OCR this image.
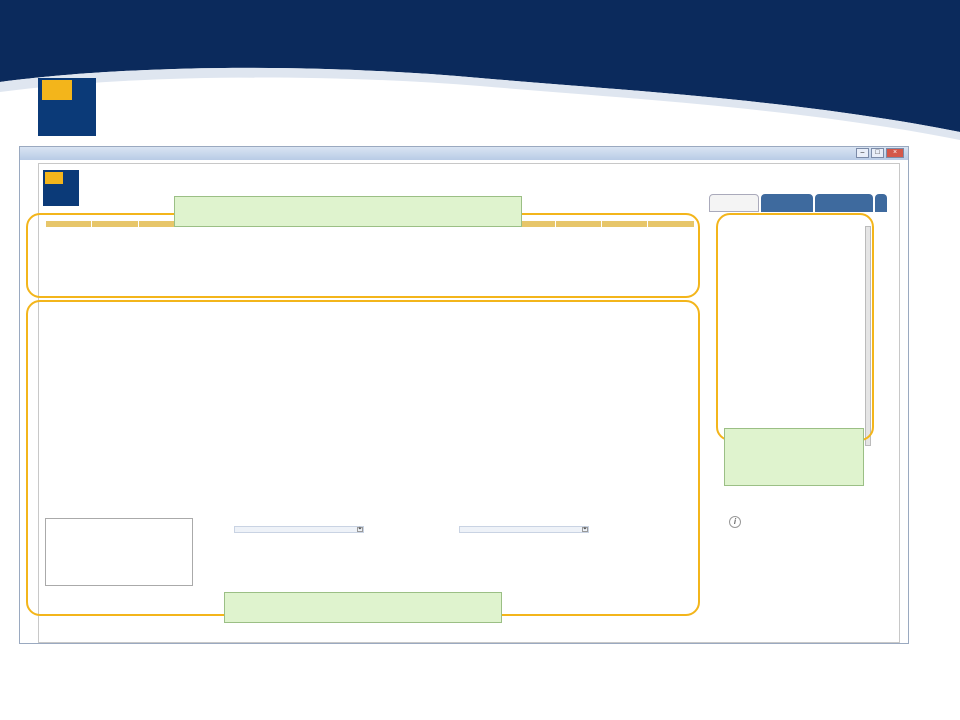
–	□	×

+	+
i
